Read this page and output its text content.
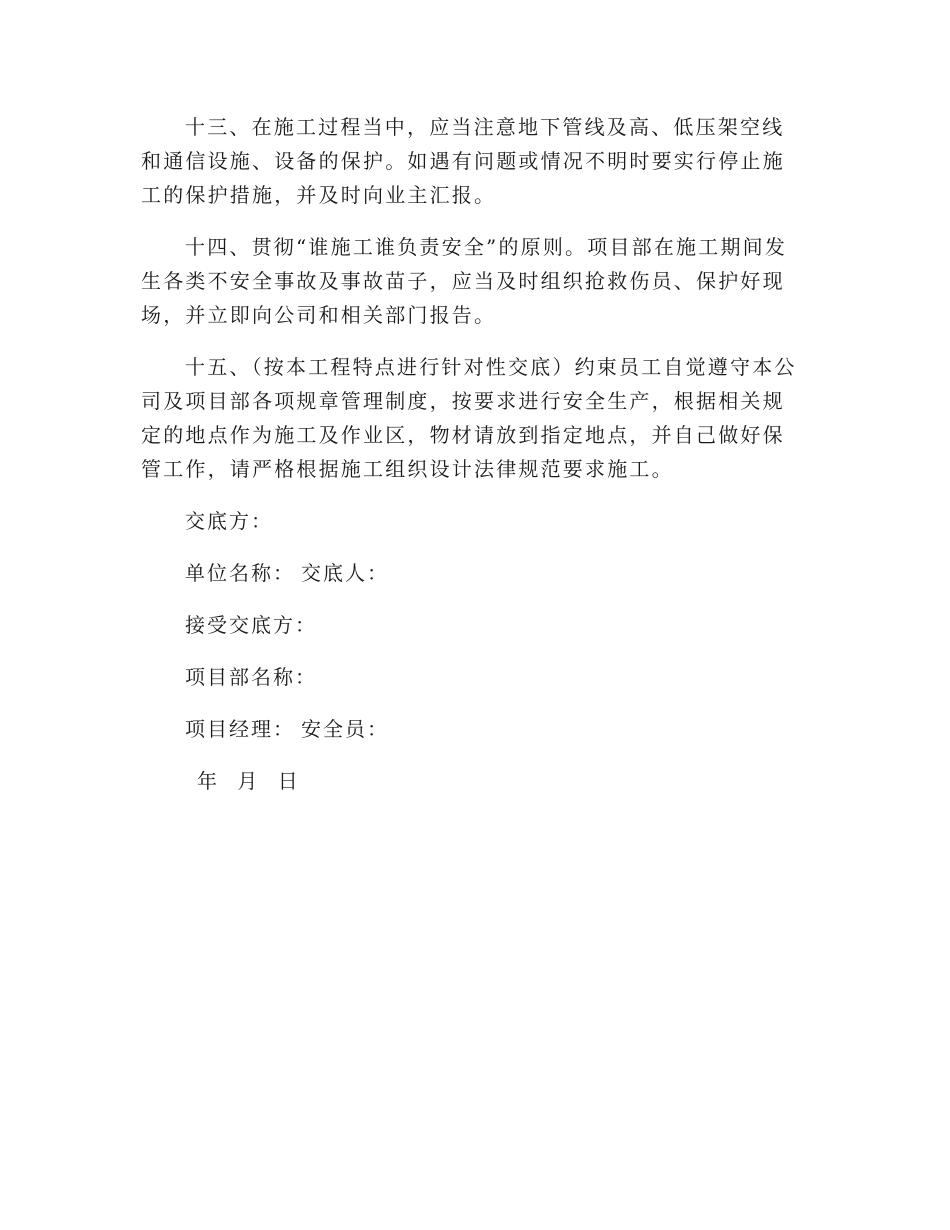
十三、在施工过程当中，应当注意地下管线及高、低压架空线和通信设施、设备的保护。如遇有问题或情况不明时要实行停止施工的保护措施，并及时向业主汇报。

十四、贯彻“谁施工谁负责安全”的原则。项目部在施工期间发生各类不安全事故及事故苗子，应当及时组织抢救伤员、保护好现场，并立即向公司和相关部门报告。

十五、（按本工程特点进行针对性交底）约束员工自觉遵守本公司及项目部各项规章管理制度，按要求进行安全生产，根据相关规定的地点作为施工及作业区，物材请放到指定地点，并自己做好保管工作，请严格根据施工组织设计法律规范要求施工。

交底方：
单位名称： 交底人：
接受交底方：
项目部名称：
项目经理： 安全员：
年 月 日
